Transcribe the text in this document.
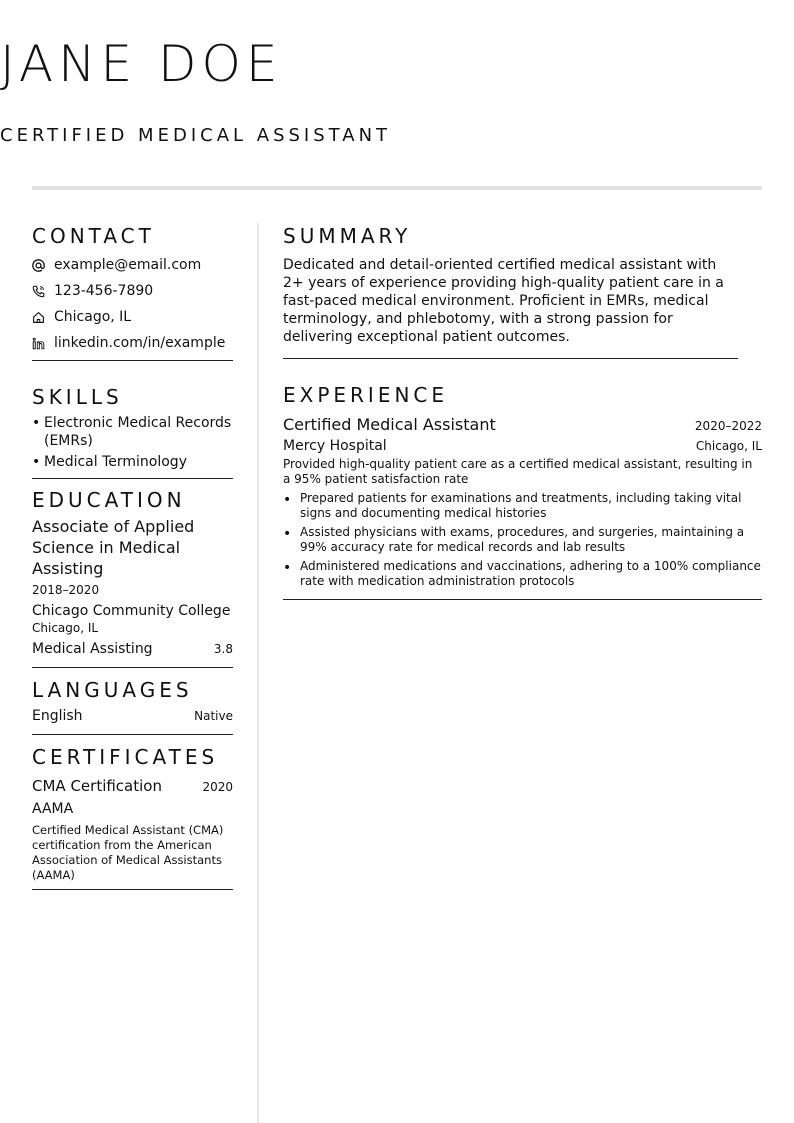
JANE DOE
CERTIFIED MEDICAL ASSISTANT
CONTACT
example@email.com
123-456-7890
Chicago, IL
linkedin.com/in/example
SKILLS
• Electronic Medical Records (EMRs)
• Medical Terminology
EDUCATION
Associate of Applied Science in Medical Assisting
2018–2020
Chicago Community College
Chicago, IL
Medical Assisting	3.8
LANGUAGES
English	Native
CERTIFICATES
CMA Certification	2020
AAMA
Certified Medical Assistant (CMA) certification from the American Association of Medical Assistants (AAMA)
SUMMARY
Dedicated and detail-oriented certified medical assistant with 2+ years of experience providing high-quality patient care in a fast-paced medical environment. Proficient in EMRs, medical terminology, and phlebotomy, with a strong passion for delivering exceptional patient outcomes.
EXPERIENCE
Certified Medical Assistant	2020–2022
Mercy Hospital	Chicago, IL
Provided high-quality patient care as a certified medical assistant, resulting in a 95% patient satisfaction rate
• Prepared patients for examinations and treatments, including taking vital signs and documenting medical histories
• Assisted physicians with exams, procedures, and surgeries, maintaining a 99% accuracy rate for medical records and lab results
• Administered medications and vaccinations, adhering to a 100% compliance rate with medication administration protocols
